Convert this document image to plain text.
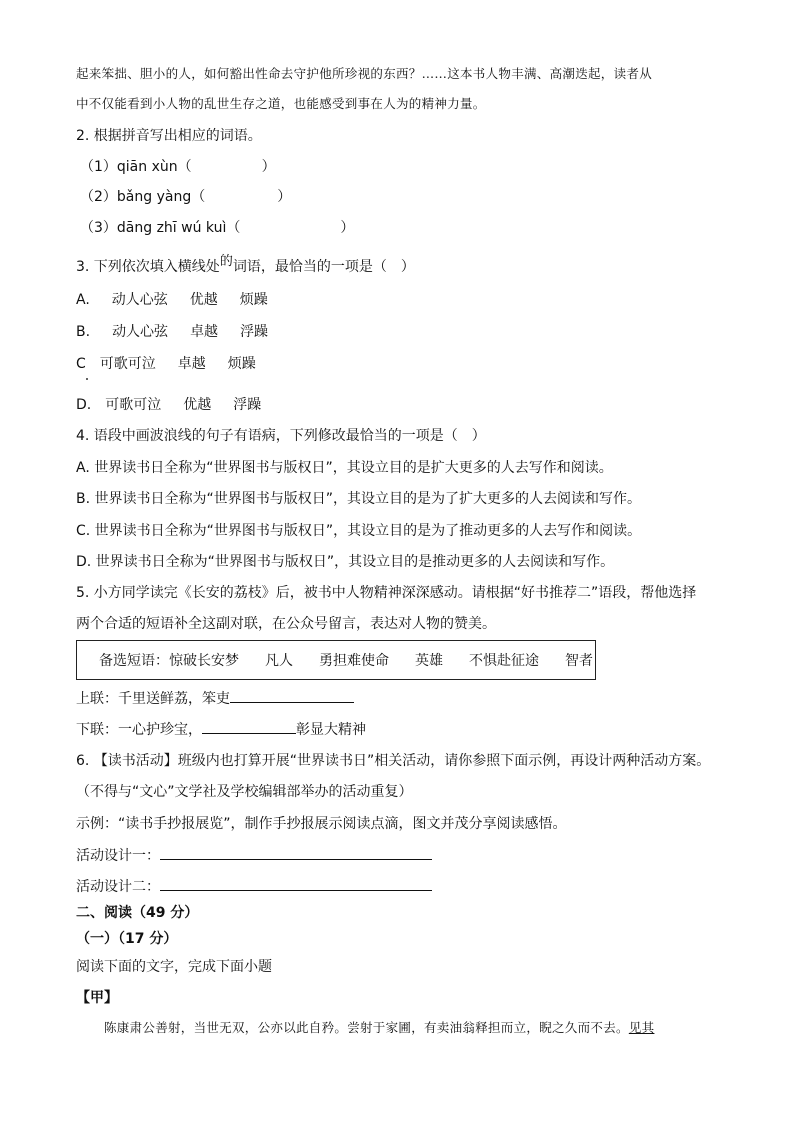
起来笨拙、胆小的人，如何豁出性命去守护他所珍视的东西？……这本书人物丰满、高潮迭起，读者从
中不仅能看到小人物的乱世生存之道，也能感受到事在人为的精神力量。
2. 根据拼音写出相应的词语。
（1）qiān xùn（	）
（2）bǎng yàng（	）
（3）dāng zhī wú kuì（	）
3. 下列依次填入横线处的词语，最恰当的一项是（　）
A. 动人心弦 优越 烦躁
B. 动人心弦 卓越 浮躁
C 可歌可泣 卓越 烦躁
D. 可歌可泣 优越 浮躁
4. 语段中画波浪线的句子有语病，下列修改最恰当的一项是（　）
A. 世界读书日全称为“世界图书与版权日”，其设立目的是扩大更多的人去写作和阅读。
B. 世界读书日全称为“世界图书与版权日”，其设立目的是为了扩大更多的人去阅读和写作。
C. 世界读书日全称为“世界图书与版权日”，其设立目的是为了推动更多的人去写作和阅读。
D. 世界读书日全称为“世界图书与版权日”，其设立目的是推动更多的人去阅读和写作。
5. 小方同学读完《长安的荔枝》后，被书中人物精神深深感动。请根据“好书推荐二”语段，帮他选择
两个合适的短语补全这副对联，在公众号留言，表达对人物的赞美。
备选短语：惊破长安梦 凡人 勇担难使命 英雄 不惧赴征途 智者
上联：千里送鲜荔，笨吏
下联：一心护珍宝，	彰显大精神
6. 【读书活动】班级内也打算开展“世界读书日”相关活动，请你参照下面示例，再设计两种活动方案。
（不得与“文心”文学社及学校编辑部举办的活动重复）
示例：“读书手抄报展览”，制作手抄报展示阅读点滴，图文并茂分享阅读感悟。
活动设计一：
活动设计二：
二、阅读（49 分）
（一）（17 分）
阅读下面的文字，完成下面小题
【甲】
陈康肃公善射，当世无双，公亦以此自矜。尝射于家圃，有卖油翁释担而立，睨之久而不去。见其
